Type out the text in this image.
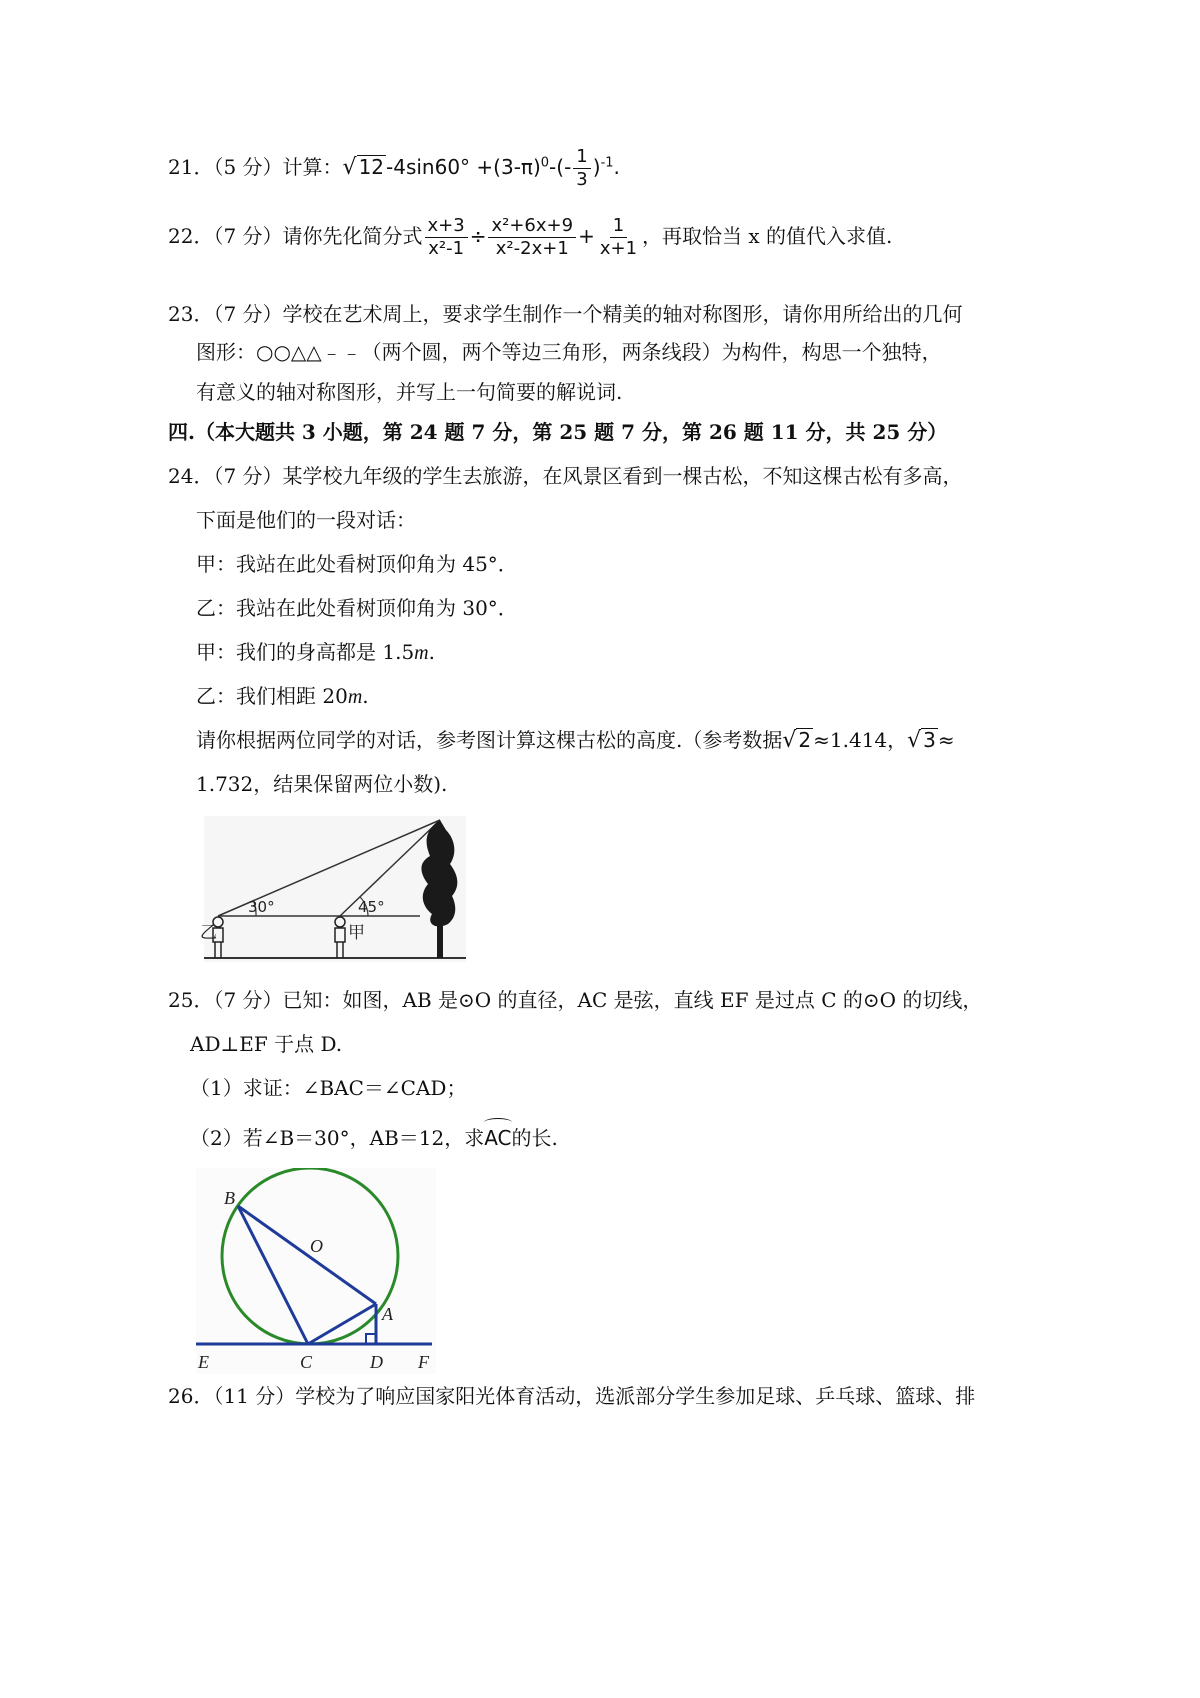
21．（5 分）计算：√ 12 $-4\sin 60^\circ +(3-\pi)^0-(- \frac{1}{3} )^{-1}$.
22．（7 分）请你先化简分式 $\frac{x+3}{\text{x²-1}} \div \frac{\text{x²+6x+9}}{\text{x²-2x+1}} + \frac{1}{x+1}$ ，再取恰当 x 的值代入求值.
23．（7 分）学校在艺术周上，要求学生制作一个精美的轴对称图形，请你用所给出的几何
图形：○○△△﹣﹣（两个圆，两个等边三角形，两条线段）为构件，构思一个独特，
有意义的轴对称图形，并写上一句简要的解说词.
四.（本大题共 3 小题，第 24 题 7 分，第 25 题 7 分，第 26 题 11 分，共 25 分）
24．（7 分）某学校九年级的学生去旅游，在风景区看到一棵古松，不知这棵古松有多高，
下面是他们的一段对话：
甲：我站在此处看树顶仰角为 45°．
乙：我站在此处看树顶仰角为 30°．
甲：我们的身高都是 1.5m.
乙：我们相距 20m.
请你根据两位同学的对话，参考图计算这棵古松的高度.（参考数据√ 2 ≈1.414，√ 3 ≈
1.732，结果保留两位小数).
30°	45°
乙	甲
25．（7 分）已知：如图，AB 是⊙O 的直径，AC 是弦，直线 EF 是过点 C 的⊙O 的切线，
AD⊥EF 于点 D.
（1）求证：∠BAC＝∠CAD；
（2）若∠B＝30°，AB＝12，求
AC的长.
B
O
A
E	C	D F
26．（11 分）学校为了响应国家阳光体育活动，选派部分学生参加足球、乒乓球、篮球、排
